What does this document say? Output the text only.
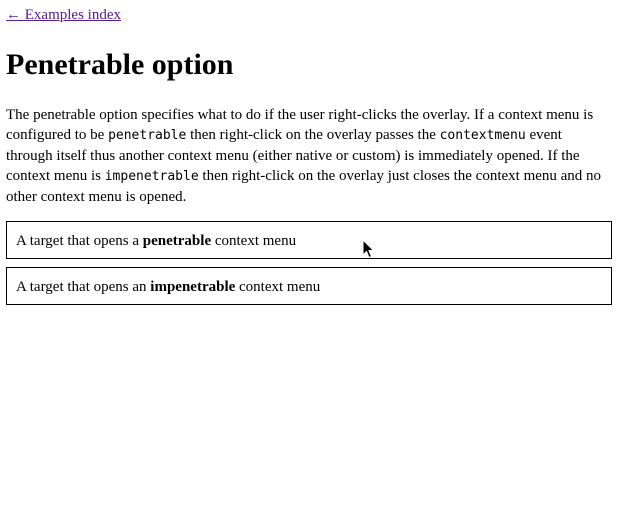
← Examples index
Penetrable option

The penetrable option specifies what to do if the user right-clicks the overlay. If a context menu is configured to be penetrable then right-click on the overlay passes the contextmenu event through itself thus another context menu (either native or custom) is immediately opened. If the context menu is impenetrable then right-click on the overlay just closes the context menu and no other context menu is opened.

A target that opens a penetrable context menu
A target that opens an impenetrable context menu
